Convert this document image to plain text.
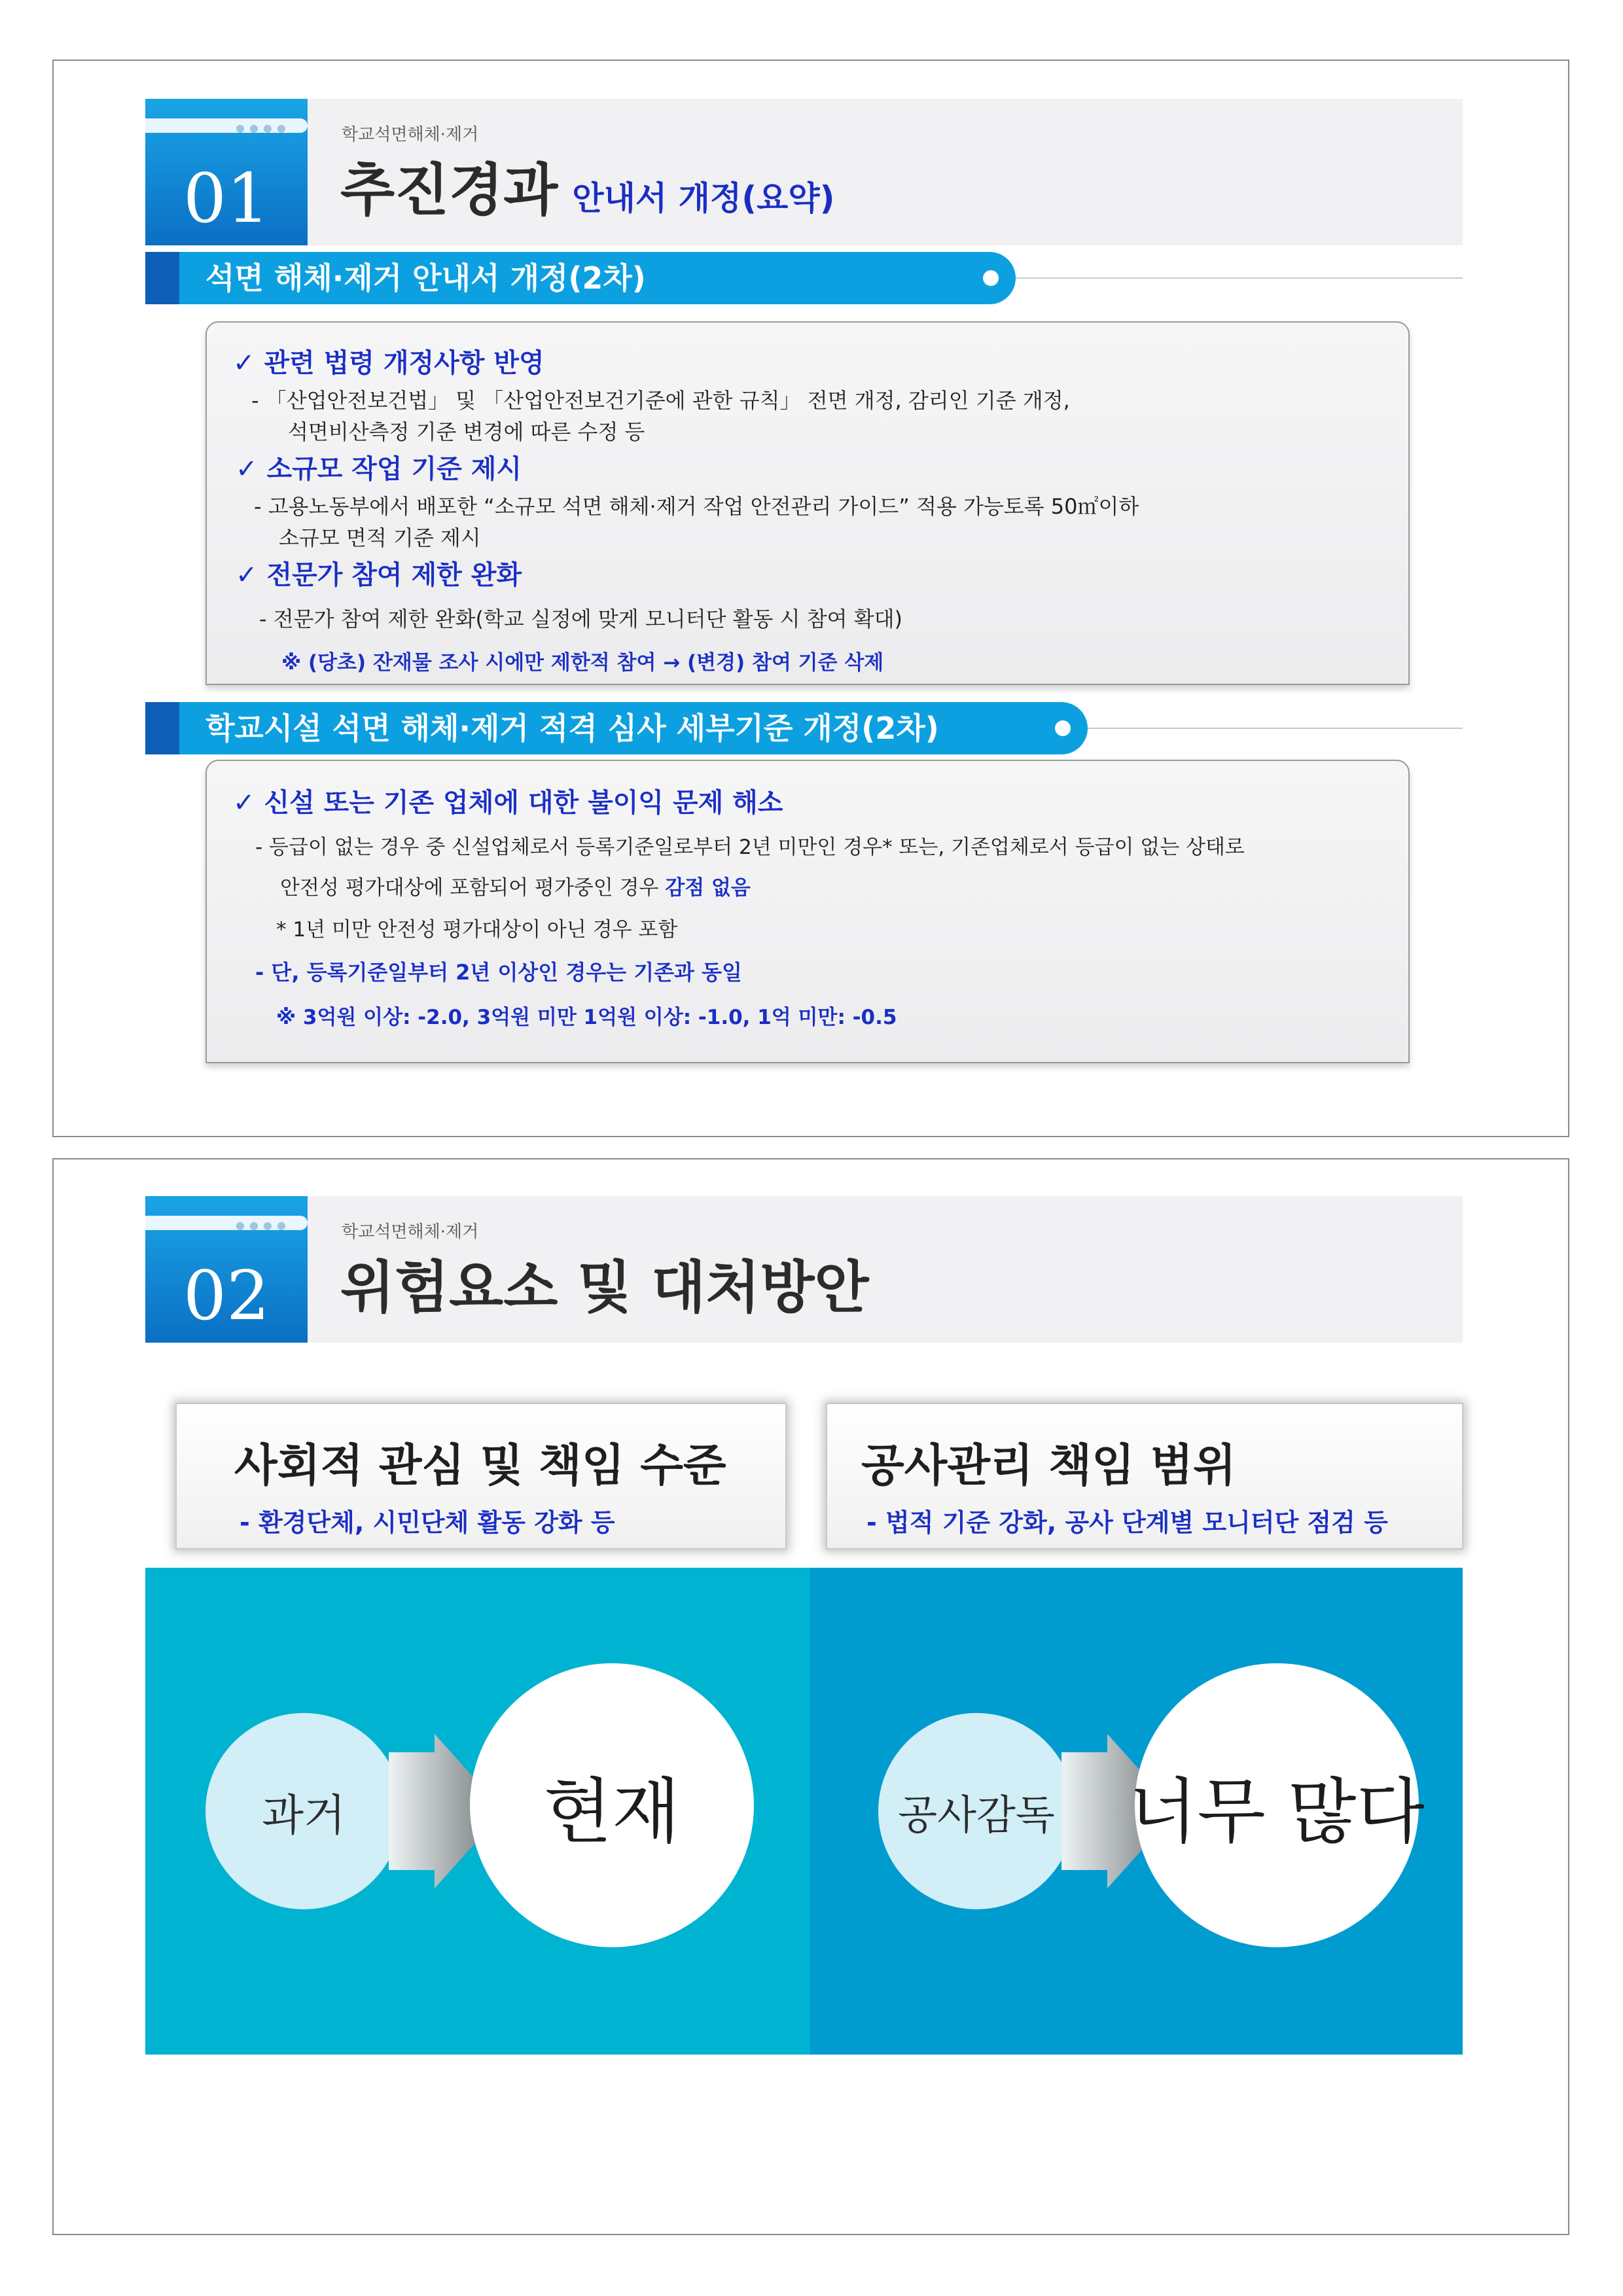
●●●●
01
학교석면해체·제거
추진경과 안내서 개정(요약)
석면 해체·제거 안내서 개정(2차)
✓ 관련 법령 개정사항 반영
- 「산업안전보건법」 및 「산업안전보건기준에 관한 규칙」 전면 개정, 감리인 기준 개정,
석면비산측정 기준 변경에 따른 수정 등
✓ 소규모 작업 기준 제시
- 고용노동부에서 배포한 “소규모 석면 해체·제거 작업 안전관리 가이드” 적용 가능토록 50㎡이하
소규모 면적 기준 제시
✓ 전문가 참여 제한 완화
- 전문가 참여 제한 완화(학교 실정에 맞게 모니터단 활동 시 참여 확대)
※ (당초) 잔재물 조사 시에만 제한적 참여 → (변경) 참여 기준 삭제
학교시설 석면 해체·제거 적격 심사 세부기준 개정(2차)
✓ 신설 또는 기존 업체에 대한 불이익 문제 해소
- 등급이 없는 경우 중 신설업체로서 등록기준일로부터 2년 미만인 경우* 또는, 기존업체로서 등급이 없는 상태로
안전성 평가대상에 포함되어 평가중인 경우 감점 없음
* 1년 미만 안전성 평가대상이 아닌 경우 포함
- 단, 등록기준일부터 2년 이상인 경우는 기존과 동일
※ 3억원 이상: -2.0, 3억원 미만 1억원 이상: -1.0, 1억 미만: -0.5
●●●●
02
학교석면해체·제거
위험요소 및 대처방안
사회적 관심 및 책임 수준
- 환경단체, 시민단체 활동 강화 등
공사관리 책임 범위
- 법적 기준 강화, 공사 단계별 모니터단 점검 등
과거	현재	공사감독 너무 많다
